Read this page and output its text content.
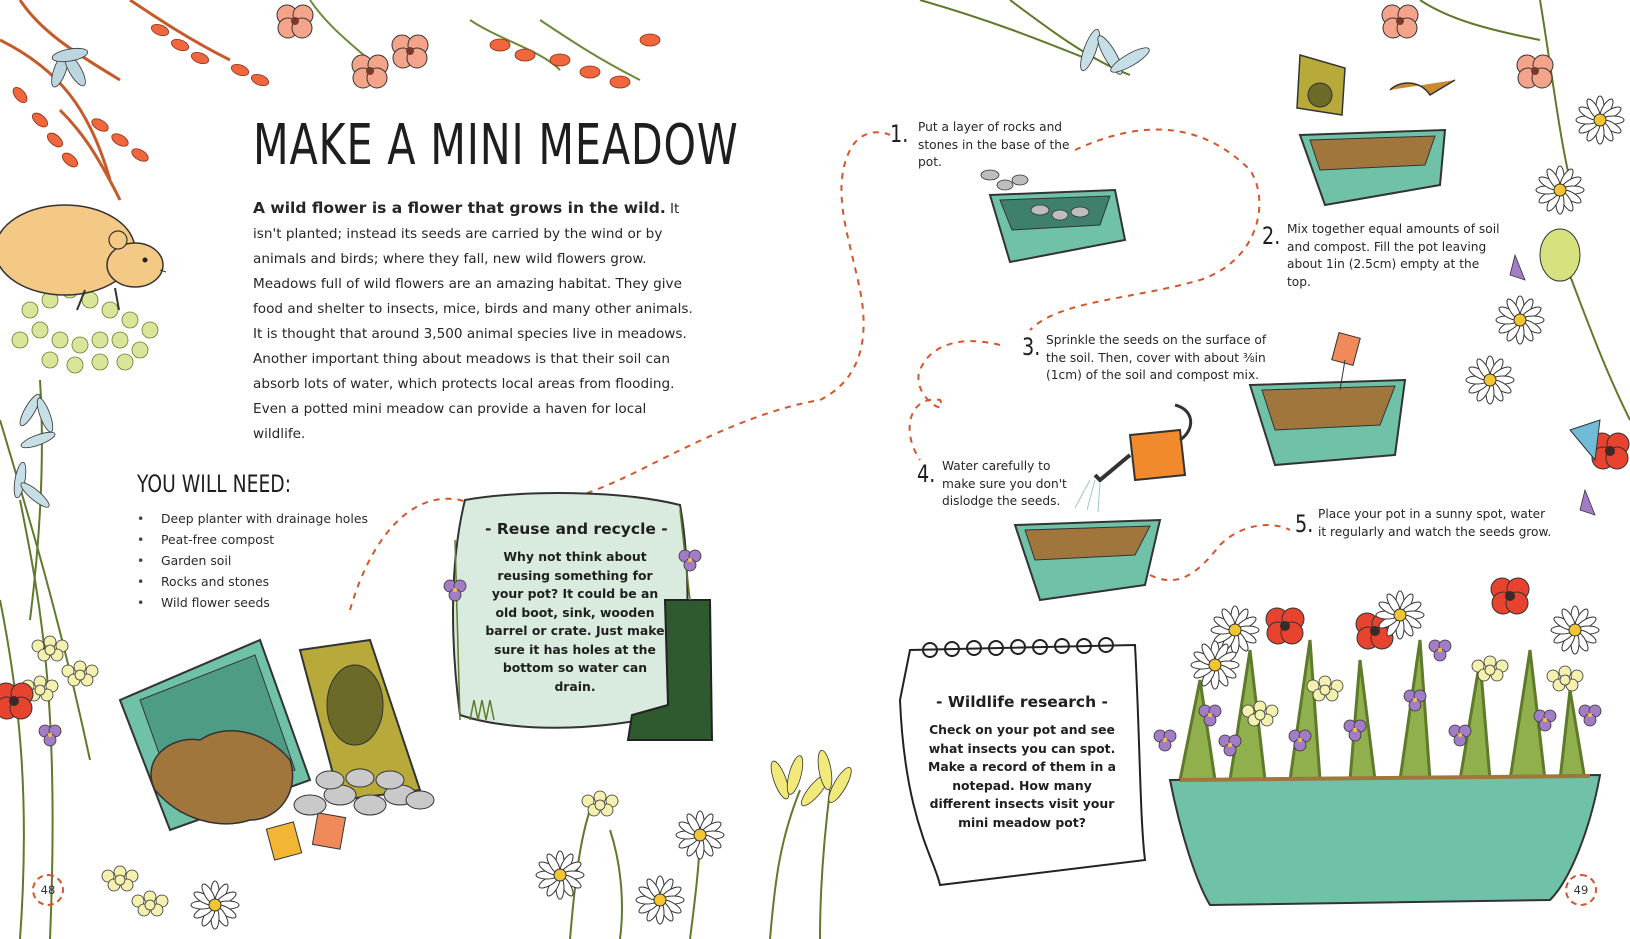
MAKE A MINI MEADOW
A wild flower is a flower that grows in the wild. It isn't planted; instead its seeds are carried by the wind or by animals and birds; where they fall, new wild flowers grow. Meadows full of wild flowers are an amazing habitat. They give food and shelter to insects, mice, birds and many other animals. It is thought that around 3,500 animal species live in meadows. Another important thing about meadows is that their soil can absorb lots of water, which protects local areas from flooding. Even a potted mini meadow can provide a haven for local wildlife.
YOU WILL NEED:
• Deep planter with drainage holes
• Peat-free compost
• Garden soil
• Rocks and stones
• Wild flower seeds
- Reuse and recycle -
Why not think about reusing something for your pot? It could be an old boot, sink, wooden barrel or crate. Just make sure it has holes at the bottom so water can drain.
1. Put a layer of rocks and stones in the base of the pot.
2. Mix together equal amounts of soil and compost. Fill the pot leaving about 1in (2.5cm) empty at the top.
3. Sprinkle the seeds on the surface of the soil. Then, cover with about ⅜in (1cm) of the soil and compost mix.
4. Water carefully to make sure you don't dislodge the seeds.
5. Place your pot in a sunny spot, water it regularly and watch the seeds grow.
- Wildlife research -
Check on your pot and see what insects you can spot. Make a record of them in a notepad. How many different insects visit your mini meadow pot?
48	49
